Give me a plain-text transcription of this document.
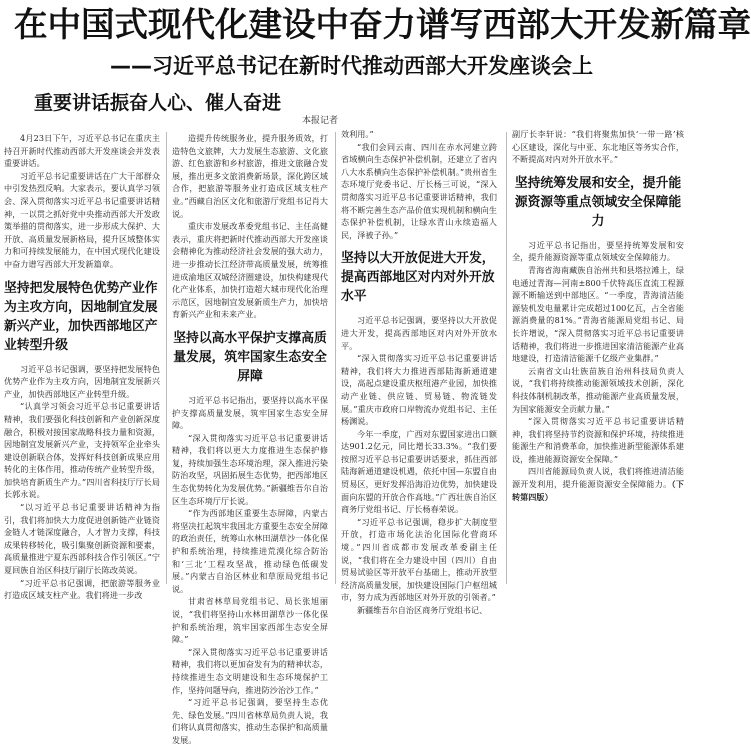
在中国式现代化建设中奋力谱写西部大开发新篇章
——习近平总书记在新时代推动西部大开发座谈会上
重要讲话振奋人心、催人奋进
本报记者

4月23日下午，习近平总书记在重庆主持召开新时代推动西部大开发座谈会并发表重要讲话。

习近平总书记重要讲话在广大干部群众中引发热烈反响。大家表示，要认真学习领会、深入贯彻落实习近平总书记重要讲话精神，一以贯之抓好党中央推动西部大开发政策举措的贯彻落实，进一步形成大保护、大开放、高质量发展新格局，提升区域整体实力和可持续发展能力，在中国式现代化建设中奋力谱写西部大开发新篇章。

坚持把发展特色优势产业作为主攻方向，因地制宜发展新兴产业，加快西部地区产业转型升级

习近平总书记强调，要坚持把发展特色优势产业作为主攻方向，因地制宜发展新兴产业，加快西部地区产业转型升级。

“认真学习领会习近平总书记重要讲话精神，我们要强化科技创新和产业创新深度融合，积极对接国家战略科技力量和资源，因地制宜发展新兴产业，支持领军企业牵头建设创新联合体，发挥好科技创新成果应用转化的主体作用，推动传统产业转型升级，加快培育新质生产力。”四川省科技厅厅长局长郭永说。

“以习近平总书记重要讲话精神为指引，我们将加快大力度促进创新链产业链资金链人才链深度融合，人才智力支撑，科技成果转移转化，吸引集聚创新资源和要素，高质量推进宁夏东西部科技合作引领区。”宁夏回族自治区科技厅副厅长陈改英说。

“习近平总书记强调，把旅游等服务业打造成区域支柱产业。我们将进一步改

造提升传统服务业，提升服务质效，打造特色文旅牌，大力发展生态旅游、文化旅游、红色旅游和乡村旅游，推进文旅融合发展，推出更多文旅消费新场景，深化跨区域合作，把旅游等服务业打造成区域支柱产业。”西藏自治区文化和旅游厅党组书记肖大说。

重庆市发展改革委党组书记、主任高健表示，重庆将把新时代推动西部大开发座谈会精神化为推动经济社会发展的强大动力，进一步推动长江经济带高质量发展，统筹推进成渝地区双城经济圈建设，加快构建现代化产业体系，加快打造超大城市现代化治理示范区，因地制宜发展新质生产力，加快培育新兴产业和未来产业。

坚持以高水平保护支撑高质量发展，筑牢国家生态安全屏障

习近平总书记指出，要坚持以高水平保护支撑高质量发展，筑牢国家生态安全屏障。

“深入贯彻落实习近平总书记重要讲话精神，我们将以更大力度推进生态保护修复，持续加强生态环境治理，深入推进污染防治攻坚，巩固拓展生态优势，把西部地区生态优势转化为发展优势。”新疆维吾尔自治区生态环境厅厅长说。

“作为西部地区重要生态屏障，内蒙古将坚决扛起筑牢我国北方重要生态安全屏障的政治责任，统筹山水林田湖草沙一体化保护和系统治理，持续推进荒漠化综合防治和‘三北’工程攻坚战，推动绿色低碳发展。”内蒙古自治区林业和草原局党组书记说。

甘肃省林草局党组书记、局长张旭丽说，“我们将坚持山水林田湖草沙一体化保护和系统治理，筑牢国家西部生态安全屏障。”

“深入贯彻落实习近平总书记重要讲话精神，我们将以更加奋发有为的精神状态，持续推进生态文明建设和生态环境保护工作，坚持问题导向，推进防沙治沙工作。”

“习近平总书记强调，要坚持生态优先、绿色发展。”四川省林草局负责人说，我们将认真贯彻落实，推动生态保护和高质量发展。

效利用。”

“我们会同云南、四川在赤水河建立跨省域横向生态保护补偿机制，还建立了省内八大水系横向生态保护补偿机制。”贵州省生态环境厅党委书记、厅长杨三可说，“深入贯彻落实习近平总书记重要讲话精神，我们将不断完善生态产品价值实现机制和横向生态保护补偿机制，让绿水青山永续造福人民，泽被子孙。”

坚持以大开放促进大开发，提高西部地区对内对外开放水平

习近平总书记强调，要坚持以大开放促进大开发，提高西部地区对内对外开放水平。

“深入贯彻落实习近平总书记重要讲话精神，我们将大力推进西部陆海新通道建设，高起点建设重庆枢纽港产业园，加快推动产业链、供应链、贸易链、物流链发展。”重庆市政府口岸物流办党组书记、主任杨渊说。

今年一季度，广西对东盟国家进出口额达901.2亿元，同比增长33.3%。“我们要按照习近平总书记重要讲话要求，抓住西部陆海新通道建设机遇，依托中国—东盟自由贸易区，更好发挥沿海沿边优势，加快建设面向东盟的开放合作高地。”广西壮族自治区商务厅党组书记、厅长杨春荣说。

“习近平总书记强调，稳步扩大制度型开放，打造市场化法治化国际化营商环境。”四川省成都市发展改革委副主任说，“我们将在全力建设中国（四川）自由贸易试验区等开放平台基础上，推动开放型经济高质量发展，加快建设国际门户枢纽城市，努力成为西部地区对外开放的引领者。”

新疆维吾尔自治区商务厅党组书记、

副厅长李轩说：“我们将聚焦加快‘一带一路’核心区建设，深化与中亚、东北地区等务实合作，不断提高对内对外开放水平。”

坚持统筹发展和安全，提升能源资源等重点领域安全保障能力

习近平总书记指出，要坚持统筹发展和安全，提升能源资源等重点领域安全保障能力。

青海省海南藏族自治州共和县塔拉滩上，绿电通过青海—河南±800千伏特高压直流工程源源不断输送到中部地区。“一季度，青海清洁能源装机发电量累计完成超过100亿瓦，占全省能源消费量的81%。”青海省能源局党组书记、局长许增说，“深入贯彻落实习近平总书记重要讲话精神，我们将进一步推进国家清洁能源产业高地建设，打造清洁能源千亿级产业集群。”

云南省文山壮族苗族自治州科技局负责人说，“我们将持续推动能源领域技术创新，深化科技体制机制改革，推动能源产业高质量发展，为国家能源安全贡献力量。”

“深入贯彻落实习近平总书记重要讲话精神，我们将坚持节约资源和保护环境，持续推进能源生产和消费革命，加快推进新型能源体系建设，推进能源资源安全保障。”

四川省能源局负责人说，我们将推进清洁能源开发利用，提升能源资源安全保障能力。（下转第四版）
